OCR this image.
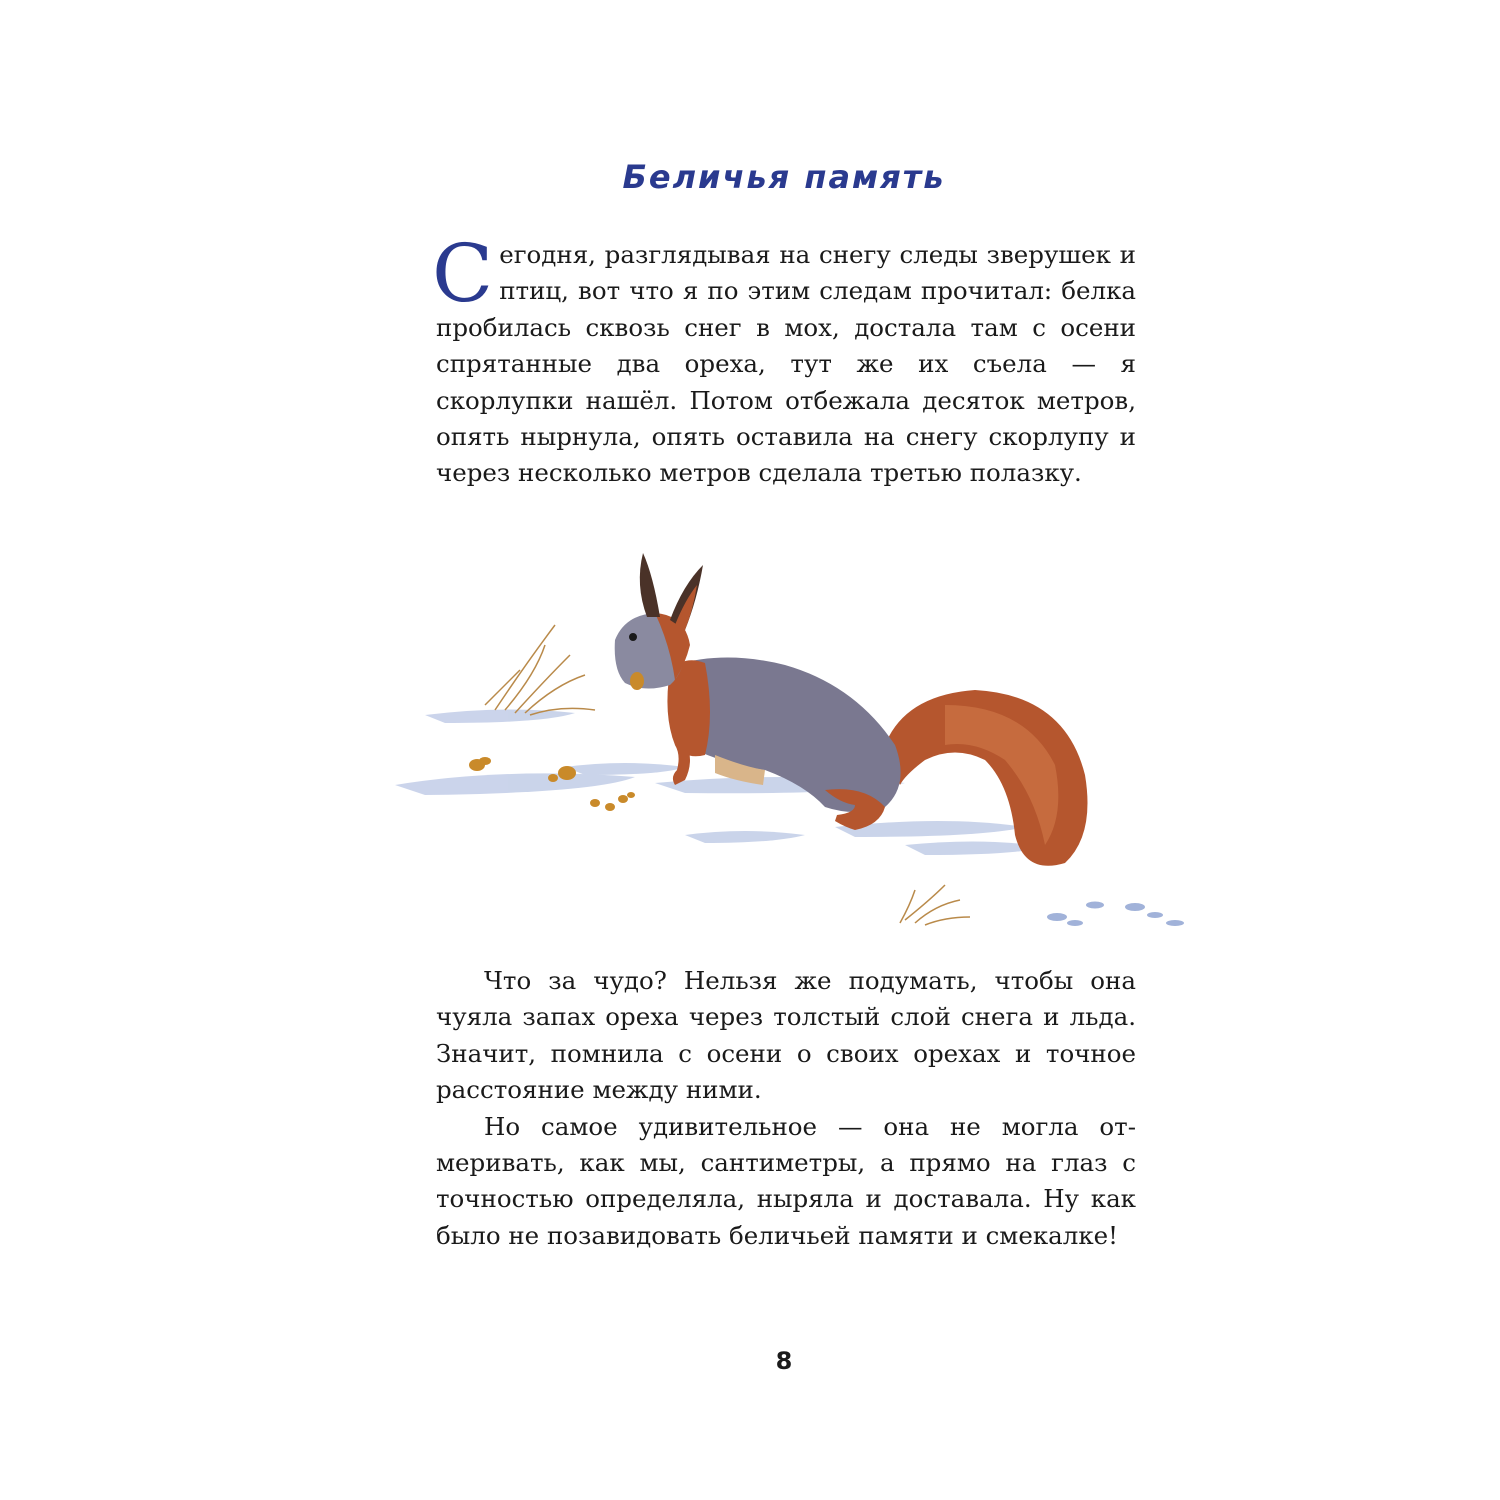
Беличья память

Сегодня, разглядывая на снегу следы зверушек и птиц, вот что я по этим следам прочитал: белка пробилась сквозь снег в мох, достала там с осени спрятанные два ореха, тут же их съела — я скорлупки нашёл. Потом отбежала десяток метров, опять нырнула, опять оставила на снегу скорлупу и через несколько метров сделала третью полазку.

Что за чудо? Нельзя же подумать, чтобы она чуяла запах ореха через толстый слой снега и льда. Значит, помнила с осени о своих орехах и точное расстояние между ними.

Но самое удивительное — она не могла отмеривать, как мы, сантиметры, а прямо на глаз с точностью определяла, ныряла и доставала. Ну как было не позавидовать беличьей памяти и смекалке!

8
